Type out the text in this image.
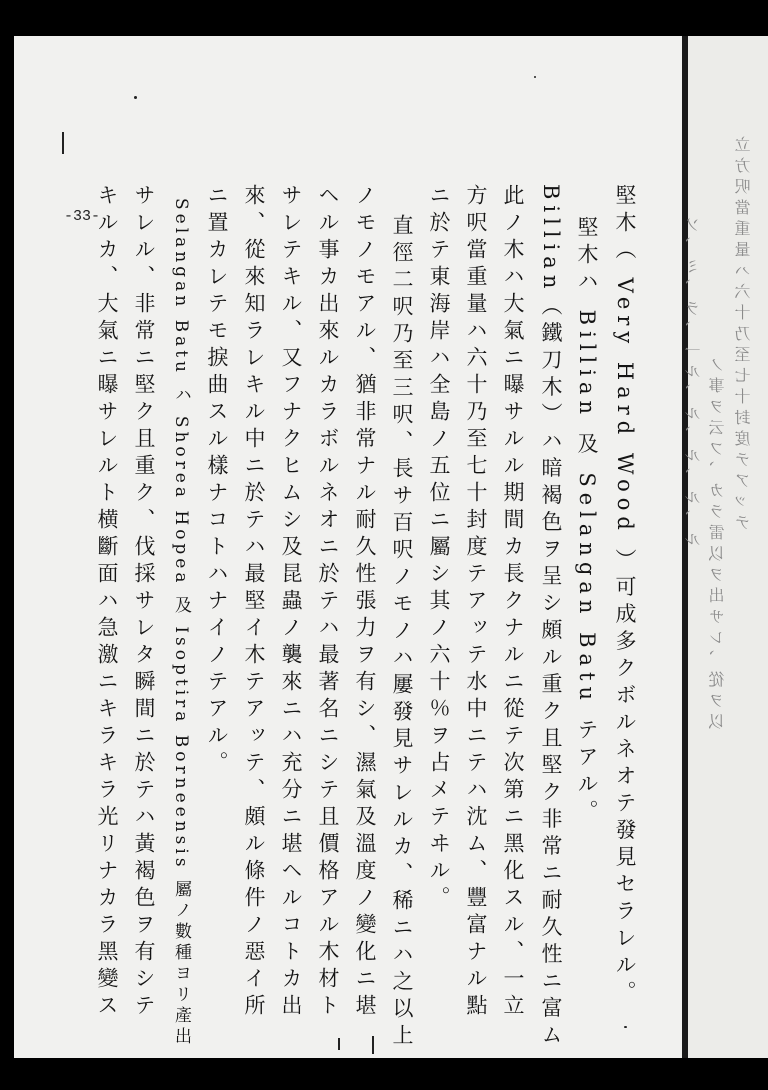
-33-	堅木（ Very Hard Wood ）可成多クボルネオテ發見セラレル。
堅木ハ Billian 及 Selangan Batu テアル。
Billian（鐵刀木）ハ暗褐色ヲ呈シ頗ル重ク且堅ク非常ニ耐久性ニ富ム
此ノ木ハ大氣ニ曝サルル期間カ長クナルニ從テ次第ニ黑化スル、一立
方呎當重量ハ六十乃至七十封度テアッテ水中ニテハ沈ム、豐富ナル點
ニ於テ東海岸ハ全島ノ五位ニ屬シ其ノ六十％ヲ占メテヰル。
直徑二呎乃至三呎、長サ百呎ノモノハ屢發見サレルカ、稀ニハ之以上
ノモノモアル、猶非常ナル耐久性張力ヲ有シ、濕氣及溫度ノ變化ニ堪
ヘル事カ出來ルカラボルネオニ於テハ最著名ニシテ且價格アル木材ト
サレテキル、又フナクヒムシ及昆蟲ノ襲來ニハ充分ニ堪ヘルコトカ出
來、從來知ラレキル中ニ於テハ最堅イ木テアッテ、頗ル條件ノ惡イ所
ニ置カレテモ捩曲スル樣ナコトハナイノテアル。
Selangan Batu ハ Shorea Hopea 及 Isoptira Borneensis 屬ノ數種ヨリ產出
サレル、非常ニ堅ク且重ク、伐採サレタ瞬間ニ於テハ黃褐色ヲ有シテ
キルカ、大氣ニ曝サレルト横斷面ハ急激ニキラキラ光リナカラ黑變ス	立方呎當重量ハ六十乃至七十封度テアッテ
ノ事ヲ云フ、カラ雷以ヲ出サレ、從ヲ以
ソ、ミ、ラ、一ル、ル、ル、ル、ル
